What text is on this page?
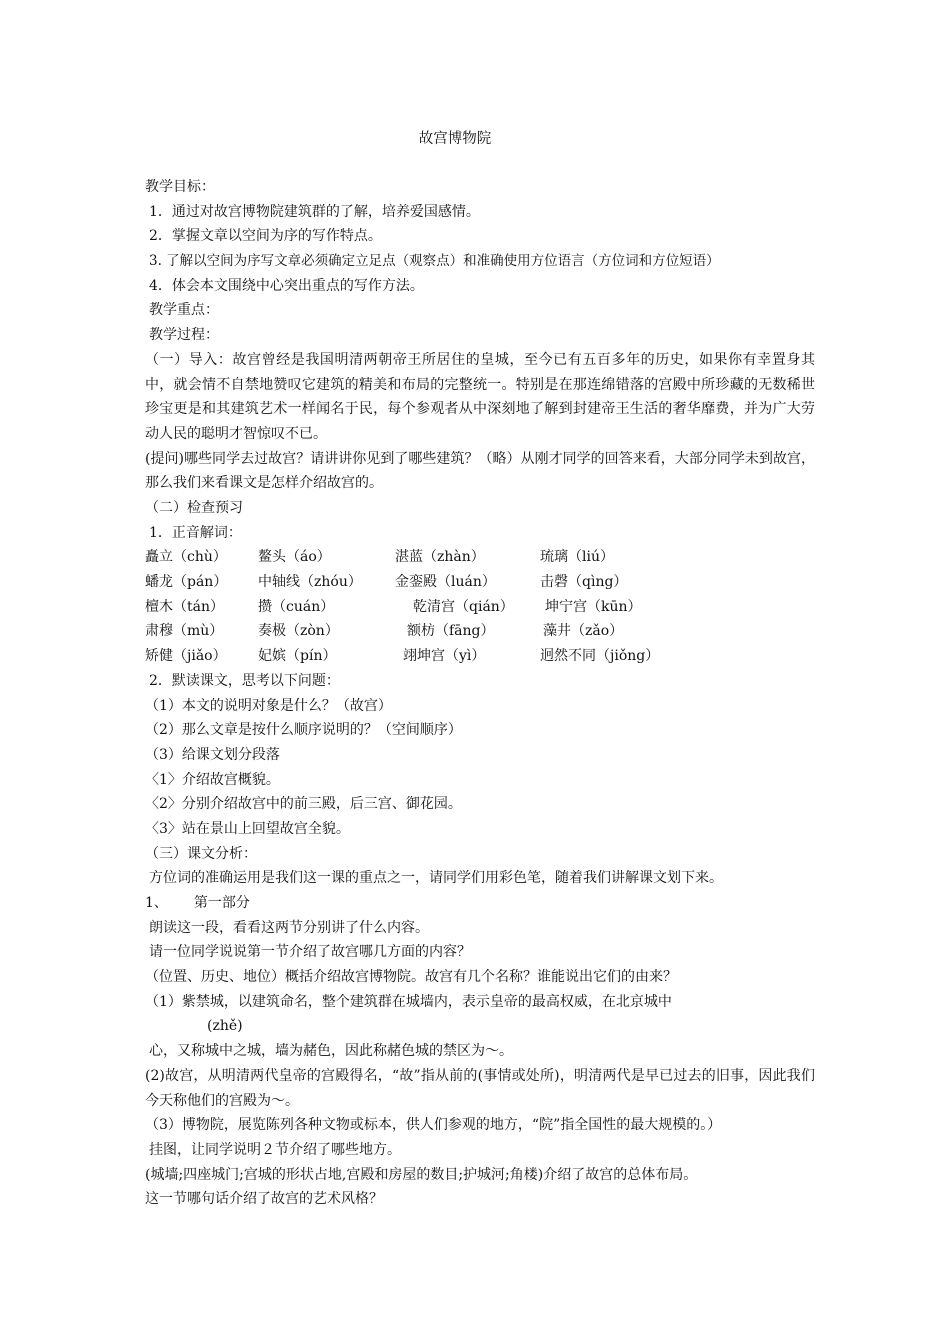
故宫博物院
教学目标：
1．通过对故宫博物院建筑群的了解，培养爱国感情。
2．掌握文章以空间为序的写作特点。
3. 了解以空间为序写文章必须确定立足点（观察点）和准确使用方位语言（方位词和方位短语）
4．体会本文围绕中心突出重点的写作方法。
教学重点：
教学过程：
（一）导入：故宫曾经是我国明清两朝帝王所居住的皇城，至今已有五百多年的历史，如果你有幸置身其中，就会情不自禁地赞叹它建筑的精美和布局的完整统一。特别是在那连绵错落的宫殿中所珍藏的无数稀世珍宝更是和其建筑艺术一样闻名于民，每个参观者从中深刻地了解到封建帝王生活的奢华靡费，并为广大劳动人民的聪明才智惊叹不已。
(提问)哪些同学去过故宫？请讲讲你见到了哪些建筑？（略）从刚才同学的回答来看，大部分同学未到故宫，那么我们来看课文是怎样介绍故宫的。
（二）检查预习
1．正音解词：
矗立（chù） 鳌头（áo）	湛蓝（zhàn）	琉璃（liú）
蟠龙（pán） 中轴线（zhóu） 金銮殿（luán）	击磬（qìng）
檀木（tán） 攒（cuán）	乾清宫（qián） 坤宁宫（kūn）
肃穆（mù） 奏极（zòn）	额枋（fāng）	藻井（zǎo）
矫健（jiǎo） 妃嫔（pín）	翊坤宫（yì）	迥然不同（jiǒng）
2．默读课文，思考以下问题：
（1）本文的说明对象是什么？（故宫）
（2）那么文章是按什么顺序说明的？（空间顺序）
（3）给课文划分段落
〈1〉介绍故宫概貌。
〈2〉分别介绍故宫中的前三殿，后三宫、御花园。
〈3〉站在景山上回望故宫全貌。
（三）课文分析：
方位词的准确运用是我们这一课的重点之一，请同学们用彩色笔，随着我们讲解课文划下来。
1、 第一部分
朗读这一段，看看这两节分别讲了什么内容。
请一位同学说说第一节介绍了故宫哪几方面的内容？
（位置、历史、地位）概括介绍故宫博物院。故宫有几个名称？谁能说出它们的由来？
（1）紫禁城，以建筑命名，整个建筑群在城墙内，表示皇帝的最高权威，在北京城中
(zhě)
心，又称城中之城，墙为赭色，因此称赭色城的禁区为～。
(2)故宫，从明清两代皇帝的宫殿得名，“故”指从前的(事情或处所)，明清两代是早已过去的旧事，因此我们今天称他们的宫殿为～。
（3）博物院，展览陈列各种文物或标本，供人们参观的地方，“院”指全国性的最大规模的。）
挂图，让同学说明２节介绍了哪些地方。
(城墙;四座城门;宫城的形状占地,宫殿和房屋的数目;护城河;角楼)介绍了故宫的总体布局。
这一节哪句话介绍了故宫的艺术风格？
